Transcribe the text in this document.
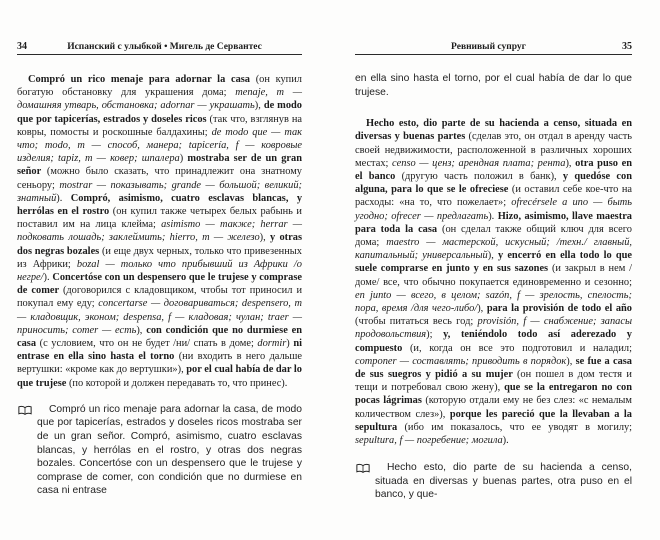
34	Испанский с улыбкой • Мигель де Сервантес

Compró un rico menaje para adornar la casa (он купил богатую обстановку для украшения дома; menaje, m — домашняя утварь, обстановка; adornar — украшать), de modo que por tapicerías, estrados y doseles ricos (так что, взглянув на ковры, помосты и роскошные балдахины; de modo que — так что; modo, m — способ, манера; tapicería, f — ковровые изделия; tapiz, m — ковер; шпалера) mostraba ser de un gran señor (можно было сказать, что принадлежит она знатному сеньору; mostrar — показывать; grande — большой; великий; знатный). Compró, asimismo, cuatro esclavas blancas, y herrólas en el rostro (он купил также четырех белых рабынь и поставил им на лица клейма; asimismo — также; herrar — подковать лошадь; заклеймить; hierro, m — железо), y otras dos negras bozales (и еще двух черных, только что привезенных из Африки; bozal — только что прибывший из Африки /о негре/). Concertóse con un despensero que le trujese y comprase de comer (договорился с кладовщиком, чтобы тот приносил и покупал ему еду; concertarse — договариваться; despensero, m — кладовщик, эконом; despensa, f — кладовая; чулан; traer — приносить; comer — есть), con condición que no durmiese en casa (с условием, что он не будет /ни/ спать в доме; dormir) ni entrase en ella sino hasta el torno (ни входить в него дальше вертушки: «кроме как до вертушки»), por el cual había de dar lo que trujese (по которой и должен передавать то, что принес).

Compró un rico menaje para adornar la casa, de modo que por tapicerías, estrados y doseles ricos mostraba ser de un gran señor. Compró, asimismo, cuatro esclavas blancas, y herrólas en el rostro, y otras dos negras bozales. Concertóse con un despensero que le trujese y comprase de comer, con condición que no durmiese en casa ni entrase

Ревнивый супруг	35

en ella sino hasta el torno, por el cual había de dar lo que trujese.

Hecho esto, dio parte de su hacienda a censo, situada en diversas y buenas partes (сделав это, он отдал в аренду часть своей недвижимости, расположенной в различных хороших местах; censo — ценз; арендная плата; рента), otra puso en el banco (другую часть положил в банк), y quedóse con alguna, para lo que se le ofreciese (и оставил себе кое-что на расходы: «на то, что пожелает»; ofrecérsele a uno — быть угодно; ofrecer — предлагать). Hizo, asimismo, llave maestra para toda la casa (он сделал также общий ключ для всего дома; maestro — мастерской, искусный; /техн./ главный, капитальный; универсальный), y encerró en ella todo lo que suele comprarse en junto y en sus sazones (и закрыл в нем /доме/ все, что обычно покупается единовременно и сезонно; en junto — всего, в целом; sazón, f — зрелость, спелость; пора, время /для чего-либо/), para la provisión de todo el año (чтобы питаться весь год; provisión, f — снабжение; запасы продовольствия); y, teniéndolo todo así aderezado y compuesto (и, когда он все это подготовил и наладил; componer — составлять; приводить в порядок), se fue a casa de sus suegros y pidió a su mujer (он пошел в дом тестя и тещи и потребовал свою жену), que se la entregaron no con pocas lágrimas (которую отдали ему не без слез: «с немалым количеством слез»), porque les pareció que la llevaban a la sepultura (ибо им показалось, что ее уводят в могилу; sepultura, f — погребение; могила).

Hecho esto, dio parte de su hacienda a censo, situada en diversas y buenas partes, otra puso en el banco, y que-
